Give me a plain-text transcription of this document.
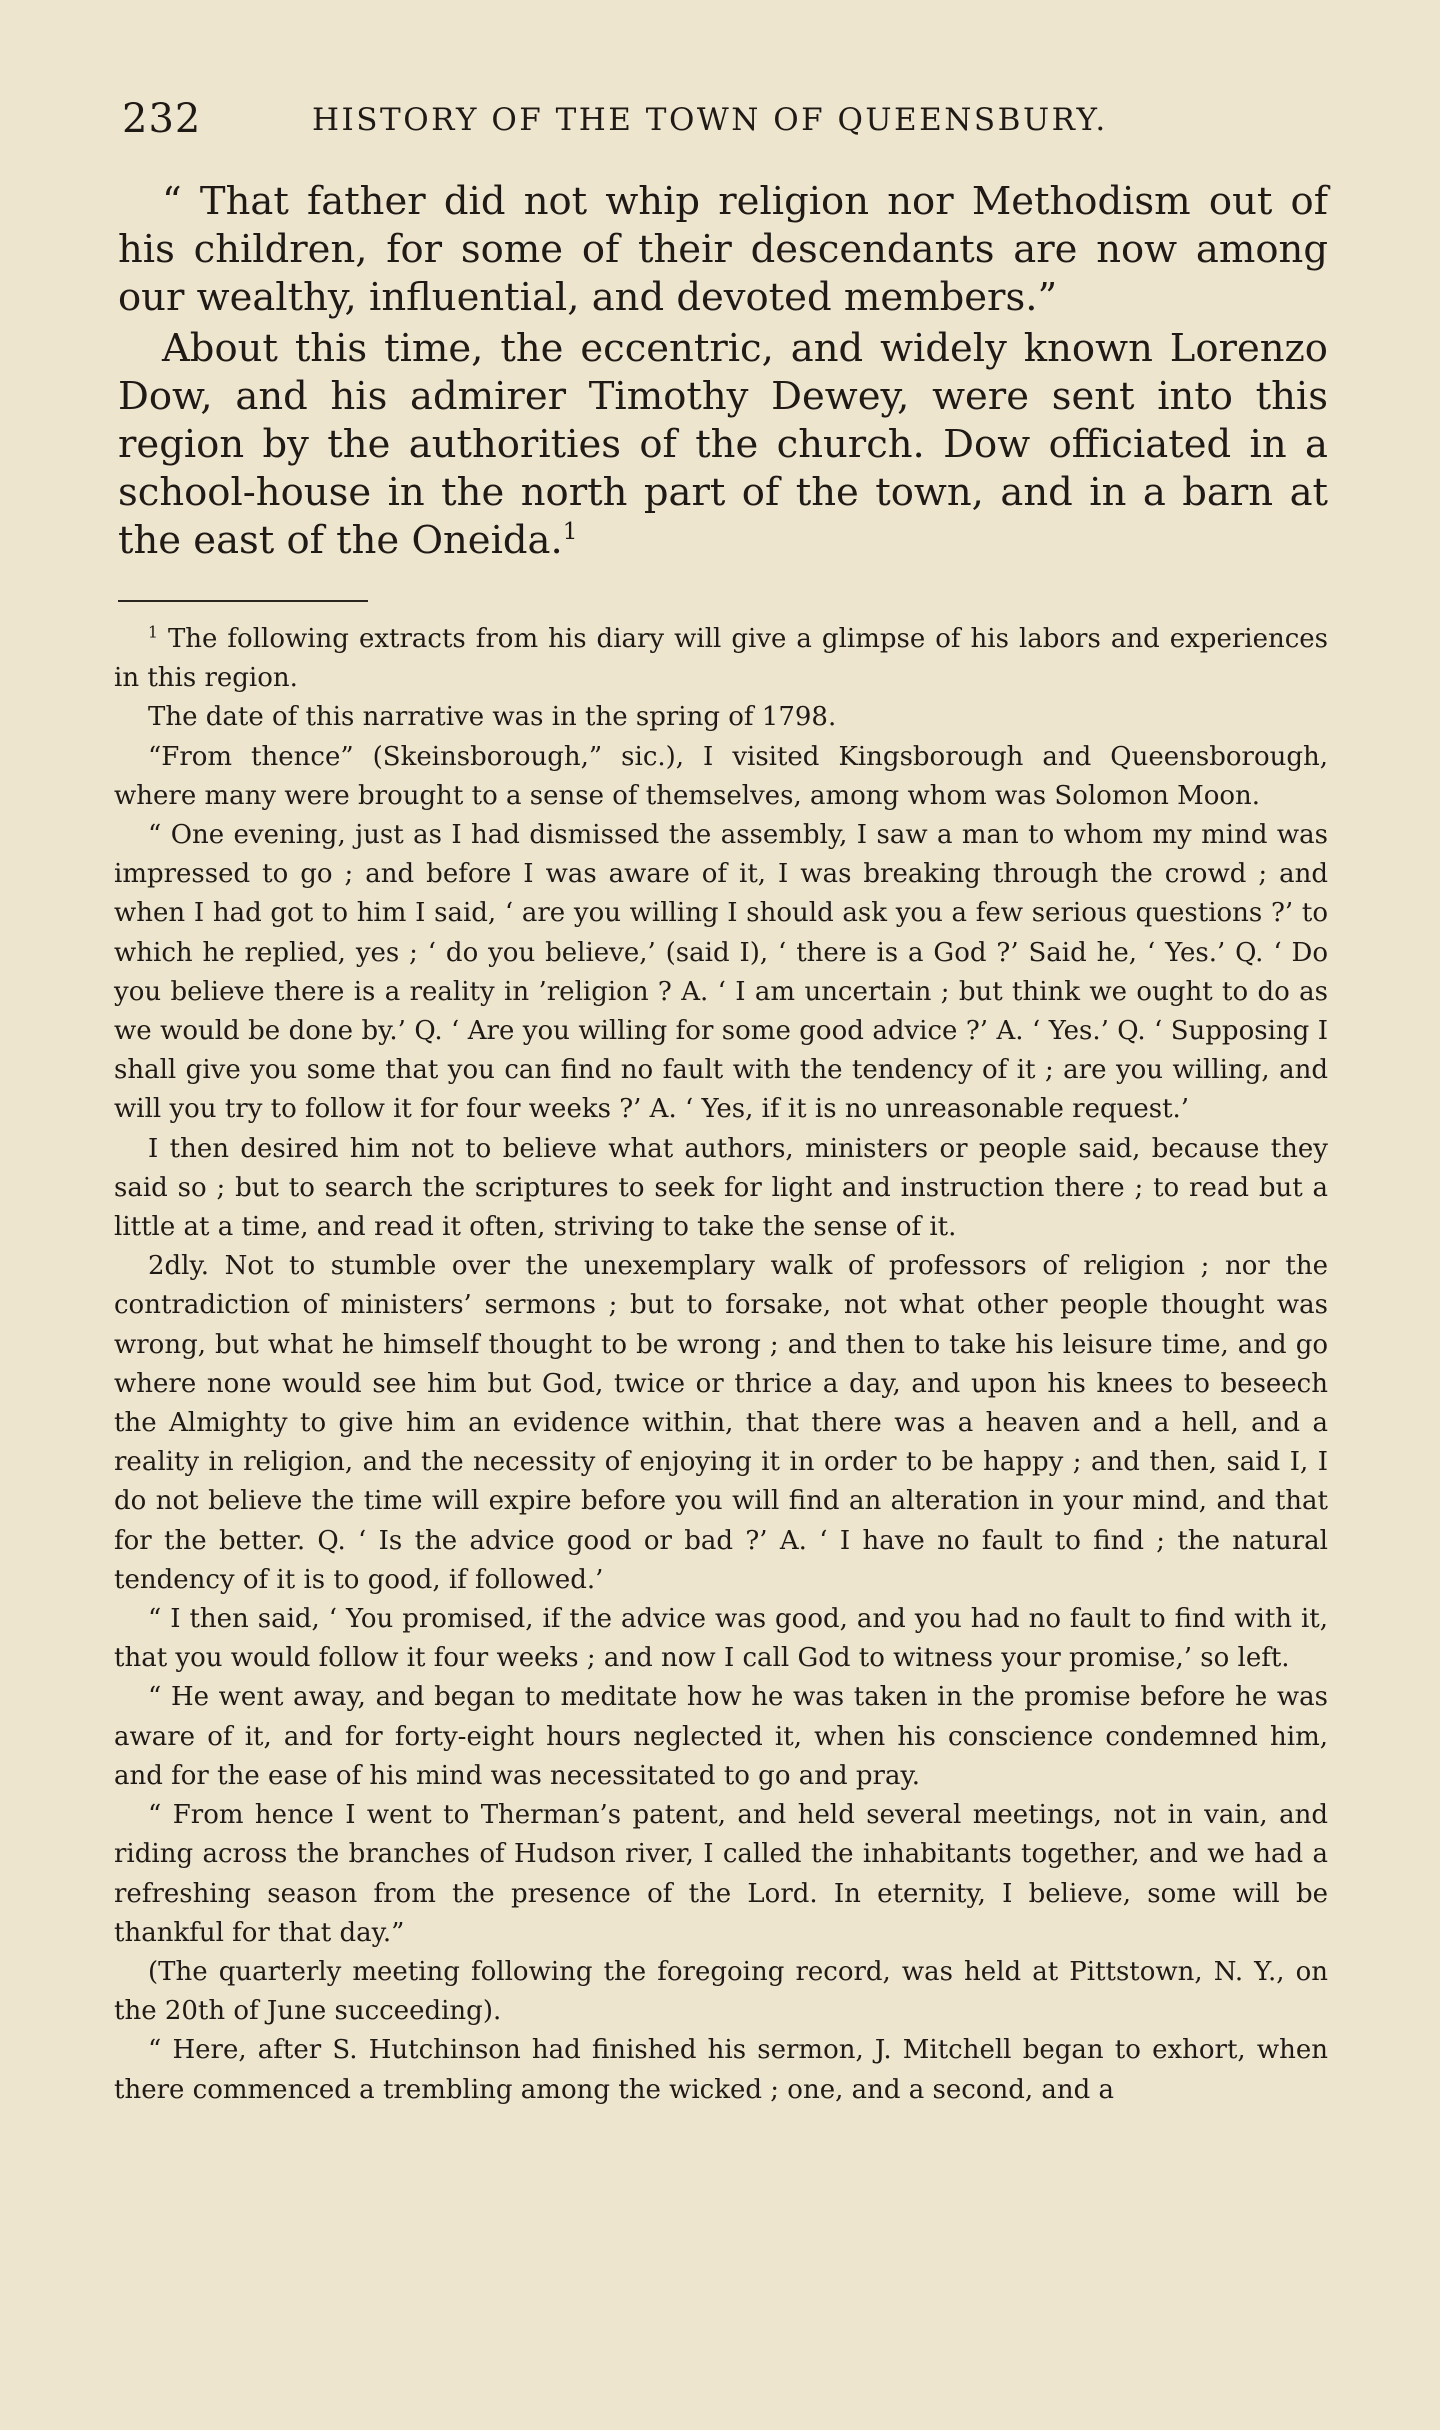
232	HISTORY OF THE TOWN OF QUEENSBURY.

“ That father did not whip religion nor Methodism out of his children, for some of their descendants are now among our wealthy, influential, and devoted members.”

About this time, the eccentric, and widely known Lorenzo Dow, and his admirer Timothy Dewey, were sent into this region by the authorities of the church. Dow officiated in a school-house in the north part of the town, and in a barn at the east of the Oneida.$^1$

$^1$ The following extracts from his diary will give a glimpse of his labors and experiences in this region.

The date of this narrative was in the spring of 1798.

“From thence” (Skeinsborough,” sic.), I visited Kingsborough and Queensborough, where many were brought to a sense of themselves, among whom was Solomon Moon.

“ One evening, just as I had dismissed the assembly, I saw a man to whom my mind was impressed to go ; and before I was aware of it, I was breaking through the crowd ; and when I had got to him I said, ‘ are you willing I should ask you a few serious questions ?’ to which he replied, yes ; ‘ do you believe,’ (said I), ‘ there is a God ?’ Said he, ‘ Yes.’ Q. ‘ Do you believe there is a reality in ’religion ? A. ‘ I am uncertain ; but think we ought to do as we would be done by.’ Q. ‘ Are you willing for some good advice ?’ A. ‘ Yes.’ Q. ‘ Supposing I shall give you some that you can find no fault with the tendency of it ; are you willing, and will you try to follow it for four weeks ?’ A. ‘ Yes, if it is no unreasonable request.’

I then desired him not to believe what authors, ministers or people said, because they said so ; but to search the scriptures to seek for light and instruction there ; to read but a little at a time, and read it often, striving to take the sense of it.

2dly. Not to stumble over the unexemplary walk of professors of religion ; nor the contradiction of ministers’ sermons ; but to forsake, not what other people thought was wrong, but what he himself thought to be wrong ; and then to take his leisure time, and go where none would see him but God, twice or thrice a day, and upon his knees to beseech the Almighty to give him an evidence within, that there was a heaven and a hell, and a reality in religion, and the necessity of enjoying it in order to be happy ; and then, said I, I do not believe the time will expire before you will find an alteration in your mind, and that for the better. Q. ‘ Is the advice good or bad ?’ A. ‘ I have no fault to find ; the natural tendency of it is to good, if followed.’

“ I then said, ‘ You promised, if the advice was good, and you had no fault to find with it, that you would follow it four weeks ; and now I call God to witness your promise,’ so left.

“ He went away, and began to meditate how he was taken in the promise before he was aware of it, and for forty-eight hours neglected it, when his conscience condemned him, and for the ease of his mind was necessitated to go and pray.

“ From hence I went to Therman’s patent, and held several meetings, not in vain, and riding across the branches of Hudson river, I called the inhabitants together, and we had a refreshing season from the presence of the Lord. In eternity, I believe, some will be thankful for that day.”

(The quarterly meeting following the foregoing record, was held at Pittstown, N. Y., on the 20th of June succeeding).

“ Here, after S. Hutchinson had finished his sermon, J. Mitchell began to exhort, when there commenced a trembling among the wicked ; one, and a second, and a
